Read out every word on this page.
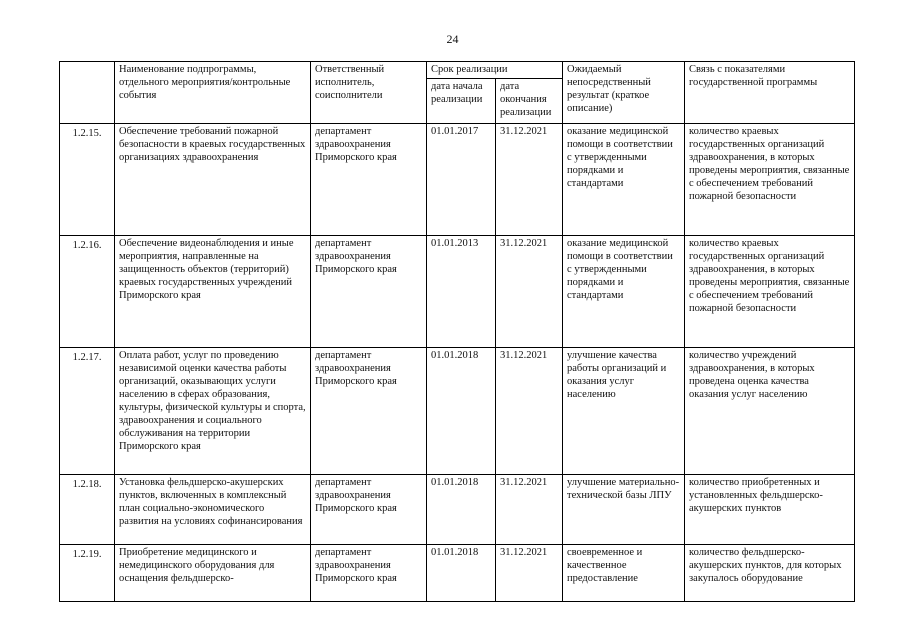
24
	Наименование подпрограммы, отдельного мероприятия/контрольные события	Ответственный исполнитель, соисполнители	Срок реализации		Ожидаемый непосредственный результат (краткое описание)	Связь с показателями государственной программы
			дата начала реализации	дата окончания реализации		
1.2.15.	Обеспечение требований пожарной безопасности в краевых государственных организациях здравоохранения	департамент здравоохранения Приморского края	01.01.2017	31.12.2021	оказание медицинской помощи в соответствии с утвержденными порядками и стандартами	количество краевых государственных организаций здравоохранения, в которых проведены мероприятия, связанные с обеспечением требований пожарной безопасности
1.2.16.	Обеспечение видеонаблюдения и иные мероприятия, направленные на защищенность объектов (территорий) краевых государственных учреждений Приморского края	департамент здравоохранения Приморского края	01.01.2013	31.12.2021	оказание медицинской помощи в соответствии с утвержденными порядками и стандартами	количество краевых государственных организаций здравоохранения, в которых проведены мероприятия, связанные с обеспечением требований пожарной безопасности
1.2.17.	Оплата работ, услуг по проведению независимой оценки качества работы организаций, оказывающих услуги населению в сферах образования, культуры, физической культуры и спорта, здравоохранения и социального обслуживания на территории Приморского края	департамент здравоохранения Приморского края	01.01.2018	31.12.2021	улучшение качества работы организаций и оказания услуг населению	количество учреждений здравоохранения, в которых проведена оценка качества оказания услуг населению
1.2.18.	Установка фельдшерско-акушерских пунктов, включенных в комплексный план социально-экономического развития на условиях софинансирования	департамент здравоохранения Приморского края	01.01.2018	31.12.2021	улучшение материально-технической базы ЛПУ	количество приобретенных и установленных фельдшерско-акушерских пунктов
1.2.19.	Приобретение медицинского и немедицинского оборудования для оснащения фельдшерско-	департамент здравоохранения Приморского края	01.01.2018	31.12.2021	своевременное и качественное предоставление	количество фельдшерско-акушерских пунктов, для которых закупалось оборудование
